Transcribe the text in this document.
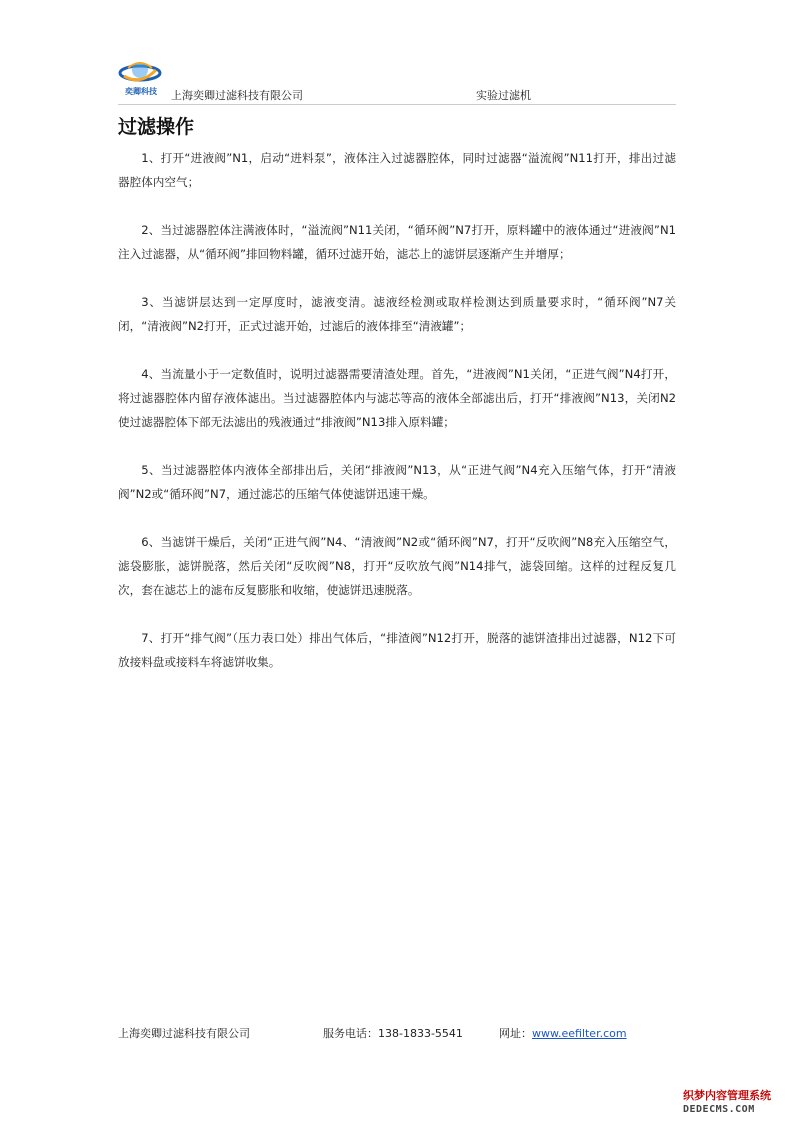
奕卿科技	上海奕卿过滤科技有限公司	实验过滤机
过滤操作

1、打开“进液阀”N1，启动“进料泵”，液体注入过滤器腔体，同时过滤器“溢流阀”N11打开，排出过滤器腔体内空气；

2、当过滤器腔体注满液体时，“溢流阀”N11关闭，“循环阀”N7打开，原料罐中的液体通过“进液阀”N1注入过滤器，从“循环阀”排回物料罐，循环过滤开始，滤芯上的滤饼层逐渐产生并增厚；

3、当滤饼层达到一定厚度时，滤液变清。滤液经检测或取样检测达到质量要求时，“循环阀”N7关闭，“清液阀”N2打开，正式过滤开始，过滤后的液体排至“清液罐”；

4、当流量小于一定数值时，说明过滤器需要清渣处理。首先，“进液阀”N1关闭，“正进气阀”N4打开，将过滤器腔体内留存液体滤出。当过滤器腔体内与滤芯等高的液体全部滤出后，打开“排液阀”N13，关闭N2使过滤器腔体下部无法滤出的残液通过“排液阀”N13排入原料罐；

5、当过滤器腔体内液体全部排出后，关闭“排液阀”N13，从“正进气阀”N4充入压缩气体，打开“清液阀”N2或“循环阀”N7，通过滤芯的压缩气体使滤饼迅速干燥。

6、当滤饼干燥后，关闭“正进气阀”N4、“清液阀”N2或“循环阀”N7，打开“反吹阀”N8充入压缩空气，滤袋膨胀，滤饼脱落，然后关闭“反吹阀”N8，打开“反吹放气阀”N14排气，滤袋回缩。这样的过程反复几次，套在滤芯上的滤布反复膨胀和收缩，使滤饼迅速脱落。

7、打开“排气阀”（压力表口处）排出气体后，“排渣阀”N12打开，脱落的滤饼渣排出过滤器，N12下可放接料盘或接料车将滤饼收集。

上海奕卿过滤科技有限公司	服务电话：138-1833-5541	网址：www.eefilter.com
织梦内容管理系统
DEDECMS.COM
